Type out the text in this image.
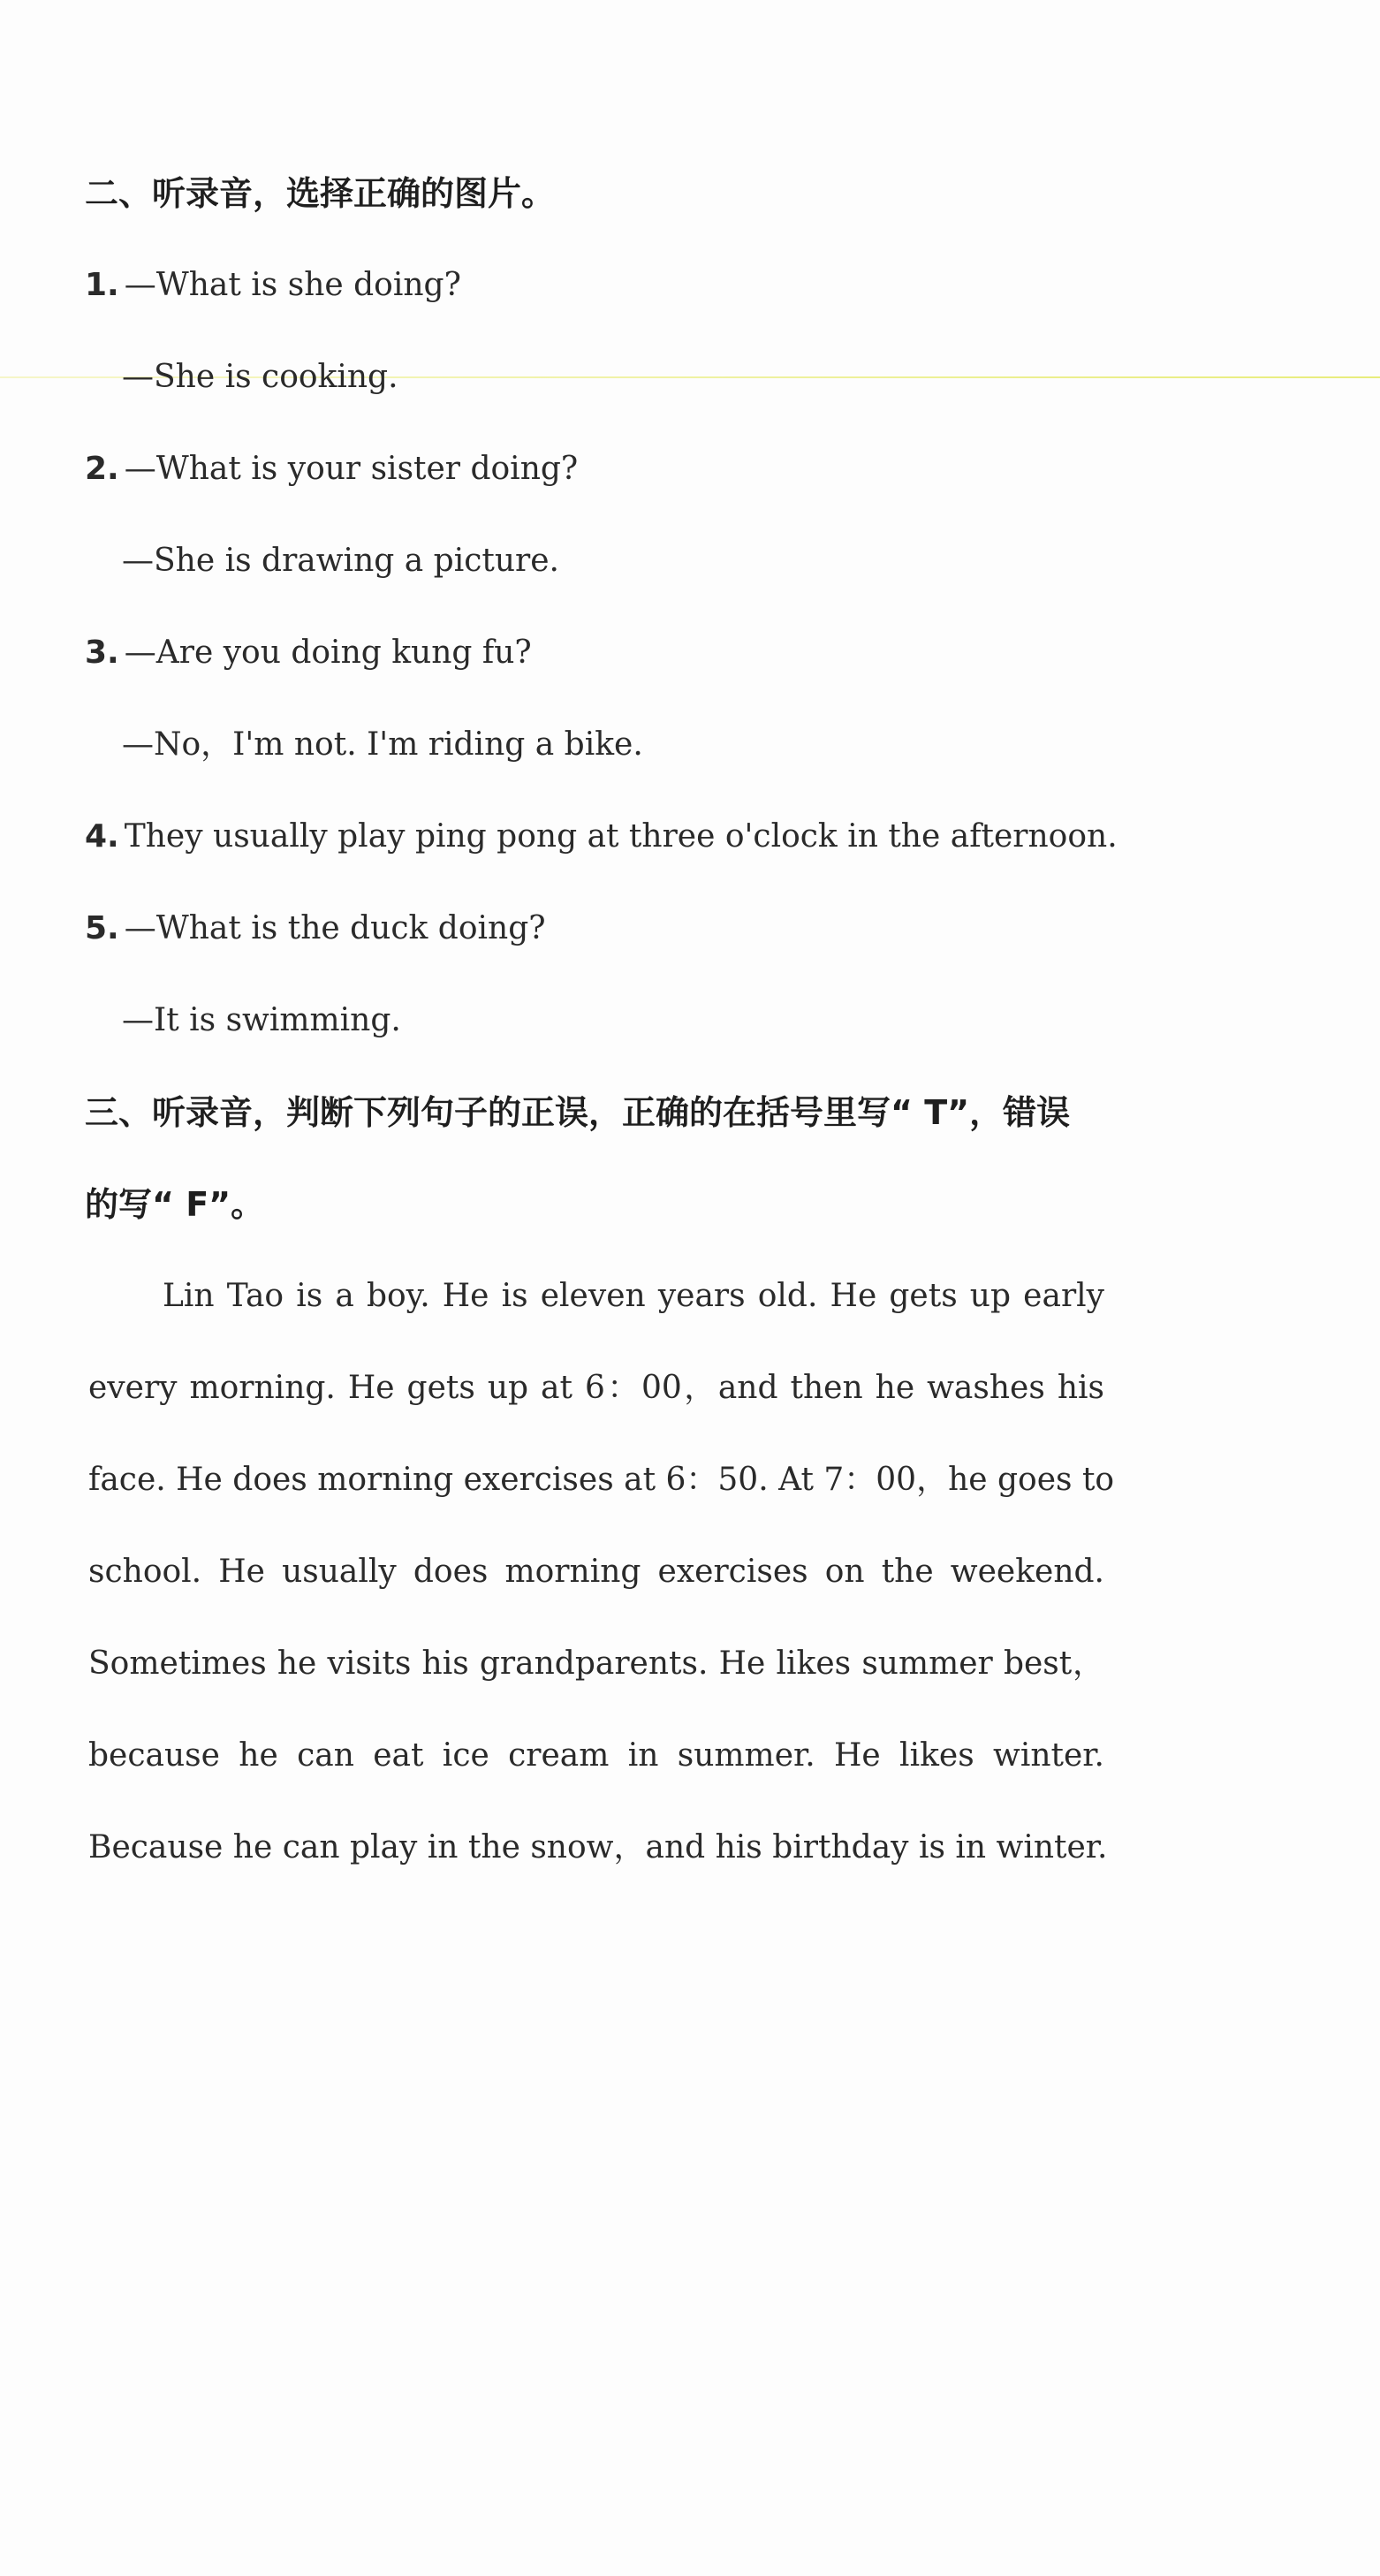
二、听录音，选择正确的图片。
1. —What is she doing?
—She is cooking.
2. —What is your sister doing?
—She is drawing a picture.
3. —Are you doing kung fu?
—No，I'm not. I'm riding a bike.
4. They usually play ping pong at three o'clock in the afternoon.
5. —What is the duck doing?
—It is swimming.
三、听录音，判断下列句子的正误，正确的在括号里写“ T”，错误
的写“ F”。
Lin Tao is a boy. He is eleven years old. He gets up early
every morning. He gets up at 6：00，and then he washes his
face. He does morning exercises at 6：50. At 7：00，he goes to
school. He usually does morning exercises on the weekend.
Sometimes he visits his grandparents. He likes summer best，
because he can eat ice cream in summer. He likes winter.
Because he can play in the snow，and his birthday is in winter.
